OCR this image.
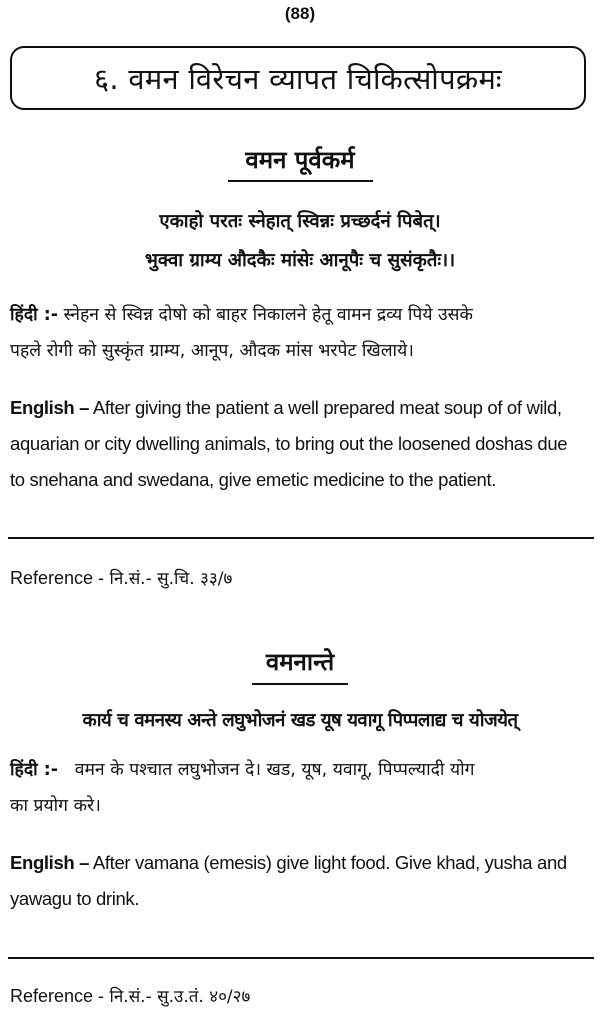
(88)
६. वमन विरेचन व्यापत चिकित्सोपक्रमः
वमन पूर्वकर्म
एकाहो परतः स्नेहात् स्विन्नः प्रच्छर्दनं पिबेत्।
भुक्वा ग्राम्य औदकैः मांसेः आनूपैः च सुसंकृतैः।।
हिंदी :- स्नेहन से स्विन्न दोषो को बाहर निकालने हेतू वामन द्रव्य पिये उसके
पहले रोगी को सुस्कृंत ग्राम्य, आनूप, औदक मांस भरपेट खिलाये।
English – After giving the patient a well prepared meat soup of of wild,
aquarian or city dwelling animals, to bring out the loosened doshas due
to snehana and swedana, give emetic medicine to the patient.
Reference - नि.सं.- सु.चि. ३३/७
वमनान्ते
कार्य च वमनस्य अन्ते लघुभोजनं खड यूष यवागू पिप्पलाद्य च योजयेत्
हिंदी :- वमन के पश्चात लघुभोजन दे। खड, यूष, यवागू, पिप्पल्यादी योग
का प्रयोग करे।
English – After vamana (emesis) give light food. Give khad, yusha and
yawagu to drink.
Reference - नि.सं.- सु.उ.तं. ४०/२७
